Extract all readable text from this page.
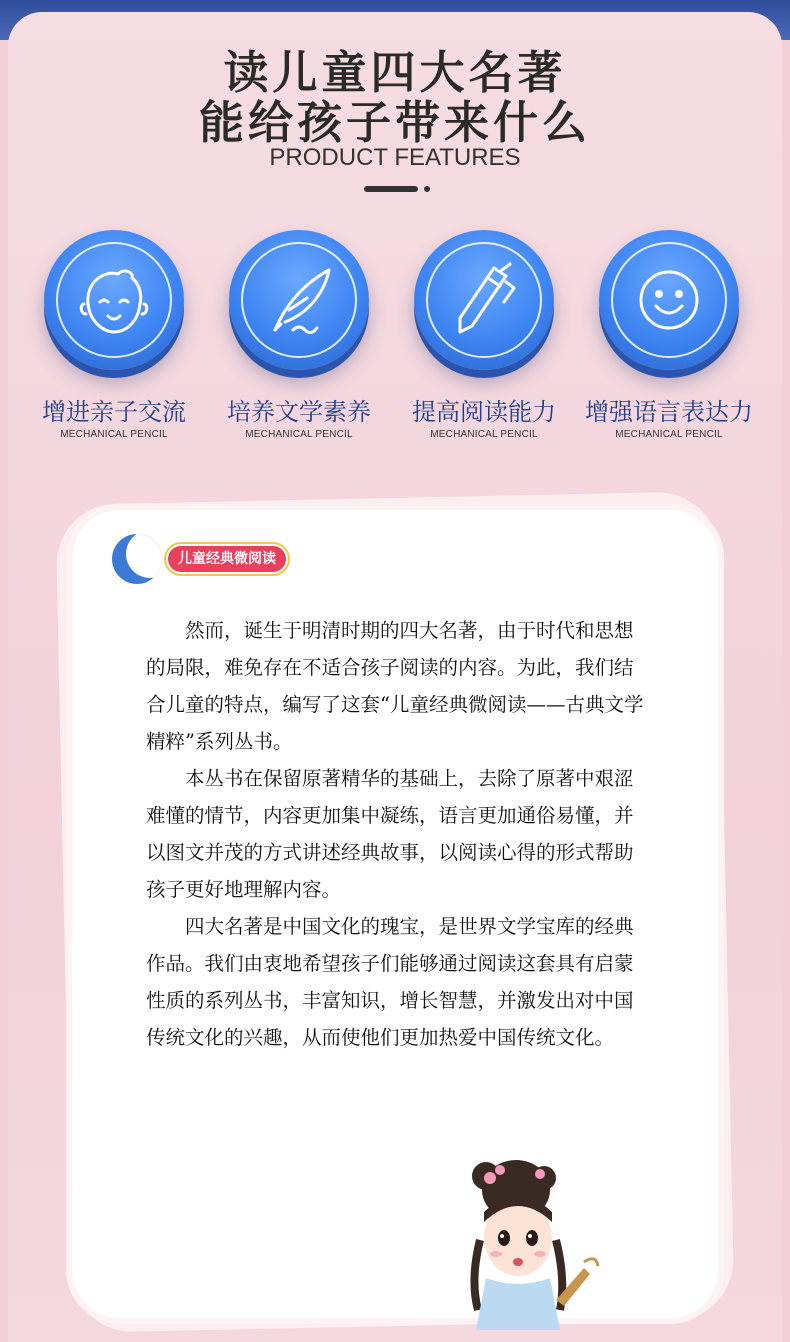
读儿童四大名著
能给孩子带来什么
PRODUCT FEATURES
增进亲子交流
MECHANICAL PENCIL
培养文学素养
MECHANICAL PENCIL
提高阅读能力
MECHANICAL PENCIL
增强语言表达力
MECHANICAL PENCIL
儿童经典微阅读

然而，诞生于明清时期的四大名著，由于时代和思想的局限，难免存在不适合孩子阅读的内容。为此，我们结合儿童的特点，编写了这套“儿童经典微阅读——古典文学精粹”系列丛书。

本丛书在保留原著精华的基础上，去除了原著中艰涩难懂的情节，内容更加集中凝练，语言更加通俗易懂，并以图文并茂的方式讲述经典故事，以阅读心得的形式帮助孩子更好地理解内容。

四大名著是中国文化的瑰宝，是世界文学宝库的经典作品。我们由衷地希望孩子们能够通过阅读这套具有启蒙性质的系列丛书，丰富知识，增长智慧，并激发出对中国传统文化的兴趣，从而使他们更加热爱中国传统文化。
